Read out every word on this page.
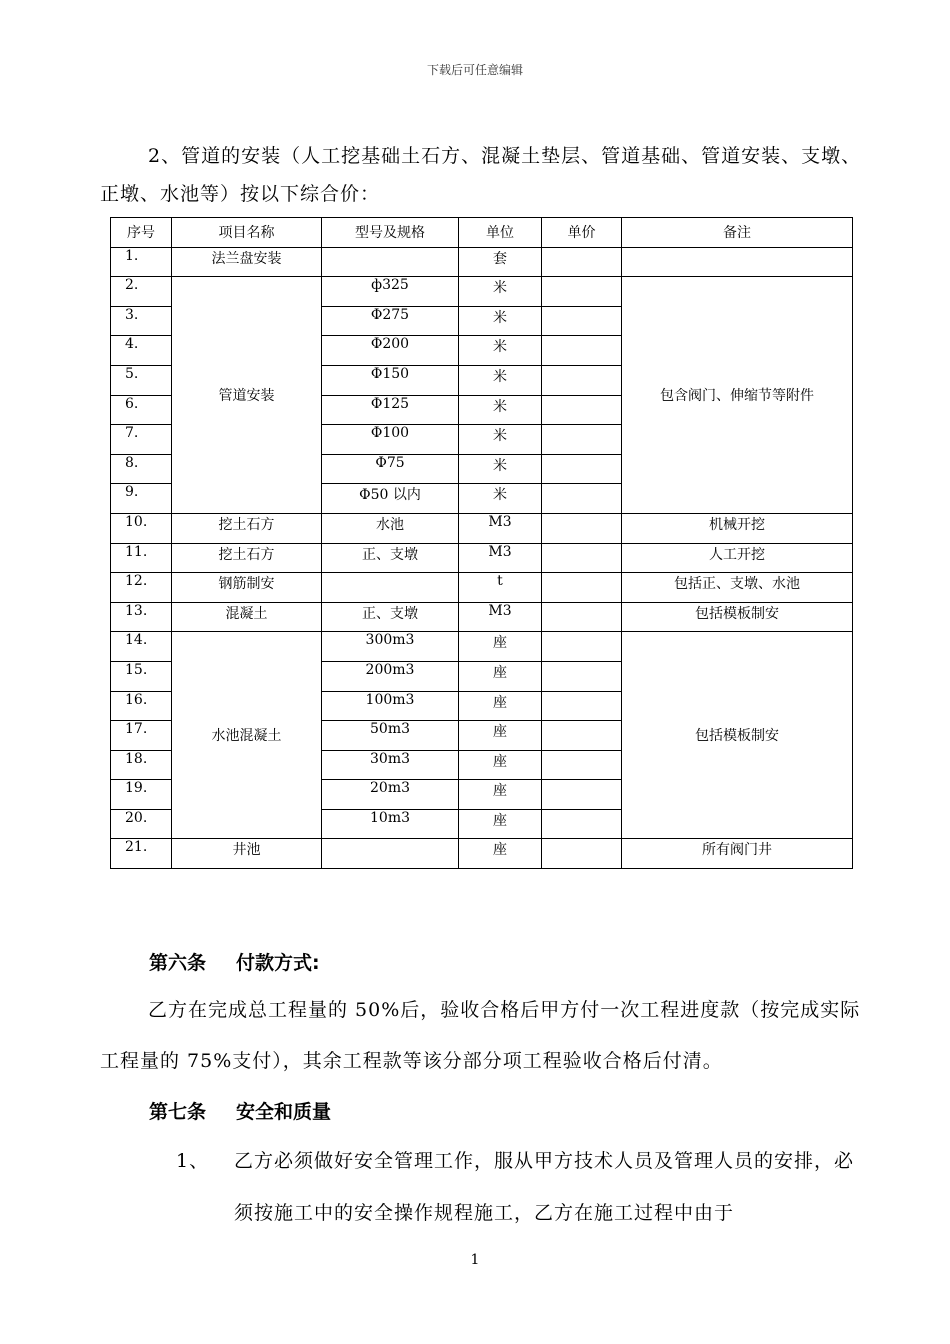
下载后可任意编辑
2、管道的安装（人工挖基础土石方、混凝土垫层、管道基础、管道安装、支墩、正墩、水池等）按以下综合价：
序号	项目名称	型号及规格	单位	单价	备注
1.	法兰盘安装		套		
2.	管道安装	ф325	米		包含阀门、伸缩节等附件
3.		Φ275	米		
4.		Φ200	米		
5.		Φ150	米		
6.		Φ125	米		
7.		Φ100	米		
8.		Φ75	米		
9.		Φ50 以内	米		
10.	挖土石方	水池	M3		机械开挖
11.	挖土石方	正、支墩	M3		人工开挖
12.	钢筋制安		t		包括正、支墩、水池
13.	混凝土	正、支墩	M3		包括模板制安
14.	水池混凝土	300m3	座		包括模板制安
15.		200m3	座		
16.		100m3	座		
17.		50m3	座		
18.		30m3	座		
19.		20m3	座		
20.		10m3	座		
21.	井池		座		所有阀门井
第六条 付款方式:
乙方在完成总工程量的 50%后，验收合格后甲方付一次工程进度款（按完成实际工程量的 75%支付），其余工程款等该分部分项工程验收合格后付清。
第七条 安全和质量
1、 乙方必须做好安全管理工作，服从甲方技术人员及管理人员的安排，必须按施工中的安全操作规程施工，乙方在施工过程中由于
1
